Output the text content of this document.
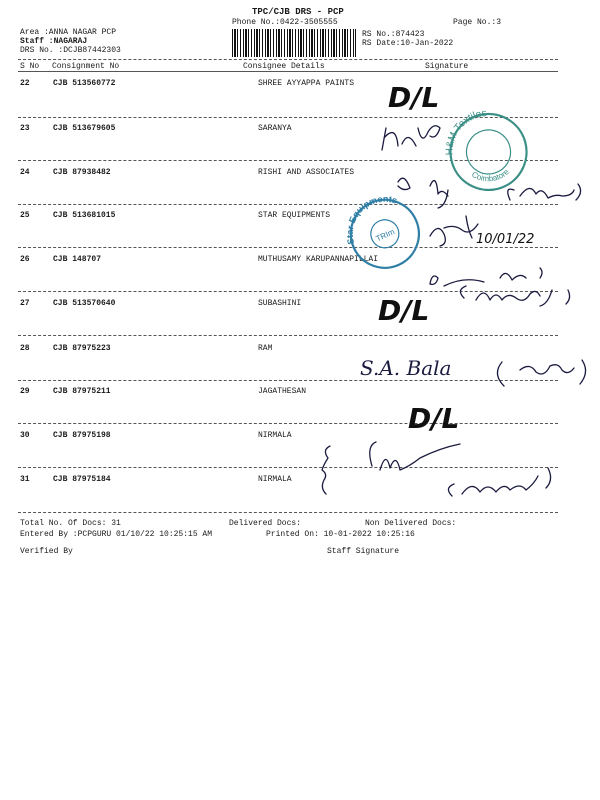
TPC/CJB DRS - PCP
Phone No.:0422-3505555	Page No.:3
Area :ANNA NAGAR PCP
Staff :NAGARAJ
DRS No. :DCJB87442303
RS No.:874423
RS Date:10-Jan-2022
S No Consignment No	Consignee Details	Signature
22	CJB 513560772	SHREE AYYAPPA PAINTS
23	CJB 513679605	SARANYA
24	CJB 87938482	RISHI AND ASSOCIATES
25	CJB 513681015	STAR EQUIPMENTS
26	CJB 148707	MUTHUSAMY KARUPANNAPILLAI
27	CJB 513570640	SUBASHINI
28	CJB 87975223	RAM
29	CJB 87975211	JAGATHESAN
30	CJB 87975198	NIRMALA
31	CJB 87975184	NIRMALA
Total No. Of Docs: 31	Delivered Docs:	Non Delivered Docs:
Entered By :PCPGURU 01/10/22 10:25:15 AM	Printed On: 10-01-2022 10:25:16
Verified By	Staff Signature
H&M Textiles
Coimbatore
Star Equipments
TRIm
D/L
D/L
D/L
10/01/22
S.A. Bala
